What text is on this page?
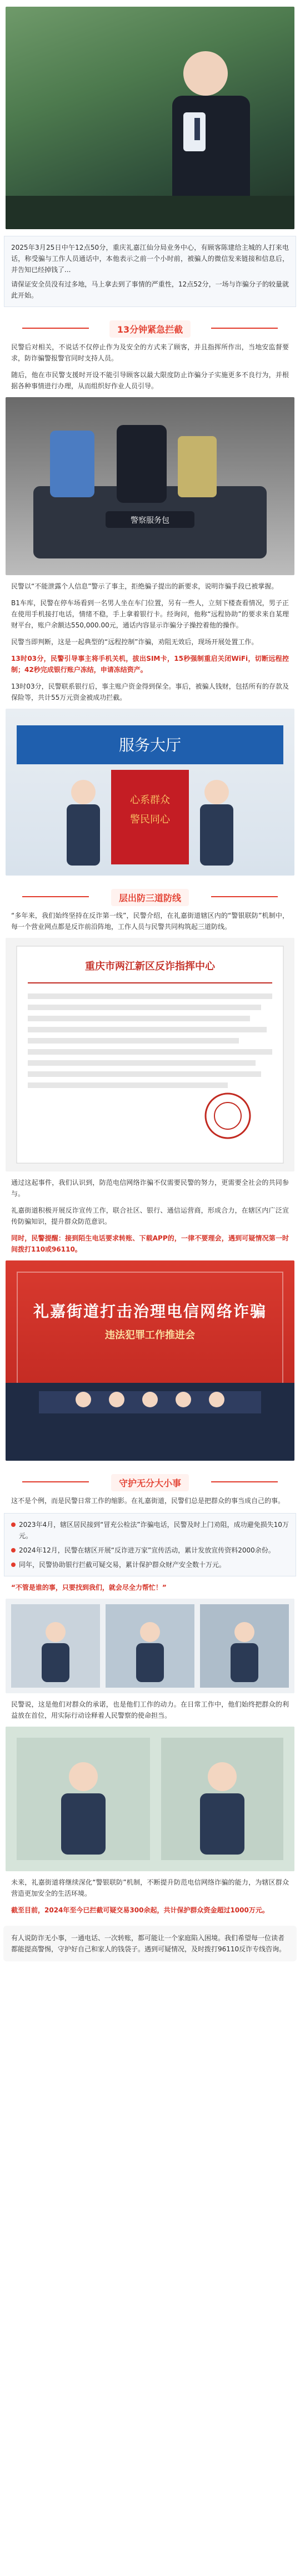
2025年3月25日中午12点50分，重庆礼嘉江仙分局业务中心，有顾客陈建给主城的人打来电话，称受骗与工作人员通话中，本他表示之前一个小时前，被骗人的微信发来链接和信息后，并告知已经掉钱了...
请保证安全员没有过多地，马上拿去到了事情的严重性，12点52分，一场与诈骗分子的较量就此开始。
13分钟紧急拦截
民警后对相关，不说话不仅停止作为及安全的方式来了顾客，并且指挥所作出，当地安监督要求，防诈骗警报警官同时支持人员。
随后，他在市民警支援时开设不能引导顾客以最大限度防止诈骗分子实施更多不良行为，并根据各种事情进行办理，从而组织好作业人员引导。
警察服务包
民警以“不能泄露个人信息”警示了事主，拒绝骗子提出的新要求，说明诈骗手段已被掌握。
B1车库，民警在停车场看到一名男人坐在车门位置，另有一些人，立刻下楼查看情况，男子正在使用手机接打电话，情绪不稳，手上拿着银行卡。经询问，他称“远程协助”的要求来自某理财平台，账户余额达550,000.00元，通话内容显示诈骗分子操控着他的操作。
民警当即判断，这是一起典型的“远程控制”诈骗，劝阻无效后，现场开展处置工作。
13时03分，民警引导事主将手机关机，拔出SIM卡，15秒强制重启关闭WiFi，切断远程控制；42秒完成银行账户冻结，申请冻结资产。
13时03分，民警联系银行后，事主账户资金得到保全。事后，被骗人钱财，包括所有的存款及保险等，共计55万元资金被成功拦截。
服务大厅
心系群众
警民同心
层出防三道防线
“多年来，我们始终坚持在反诈第一线”，民警介绍，在礼嘉街道辖区内的“警银联防”机制中，每一个营业网点都是反诈前沿阵地，工作人员与民警共同构筑起三道防线。
重庆市两江新区反诈指挥中心
通过这起事件，我们认识到，防范电信网络诈骗不仅需要民警的努力，更需要全社会的共同参与。
礼嘉街道积极开展反诈宣传工作，联合社区、银行、通信运营商，形成合力，在辖区内广泛宣传防骗知识，提升群众防范意识。
同时，民警提醒：接到陌生电话要求转账、下载APP的，一律不要理会，遇到可疑情况第一时间拨打110或96110。
礼嘉街道打击治理电信网络诈骗
违法犯罪工作推进会
守护无分大小事
这不是个例，而是民警日常工作的缩影。在礼嘉街道，民警们总是把群众的事当成自己的事。
2023年4月，辖区居民接到“冒充公检法”诈骗电话，民警及时上门劝阻，成功避免损失10万元。
2024年12月，民警在辖区开展“反诈进万家”宣传活动，累计发放宣传资料2000余份。
同年，民警协助银行拦截可疑交易，累计保护群众财产安全数十万元。
“不管是谁的事，只要找到我们，就会尽全力帮忙！”
民警说，这是他们对群众的承诺，也是他们工作的动力。在日常工作中，他们始终把群众的利益放在首位，用实际行动诠释着人民警察的使命担当。
未来，礼嘉街道将继续深化“警银联防”机制，不断提升防范电信网络诈骗的能力，为辖区群众营造更加安全的生活环境。
截至目前，2024年至今已拦截可疑交易300余起，共计保护群众资金超过1000万元。
有人说防诈无小事，一通电话、一次转账，都可能让一个家庭陷入困境。我们希望每一位读者都能提高警惕，守护好自己和家人的钱袋子。遇到可疑情况，及时拨打96110反诈专线咨询。
